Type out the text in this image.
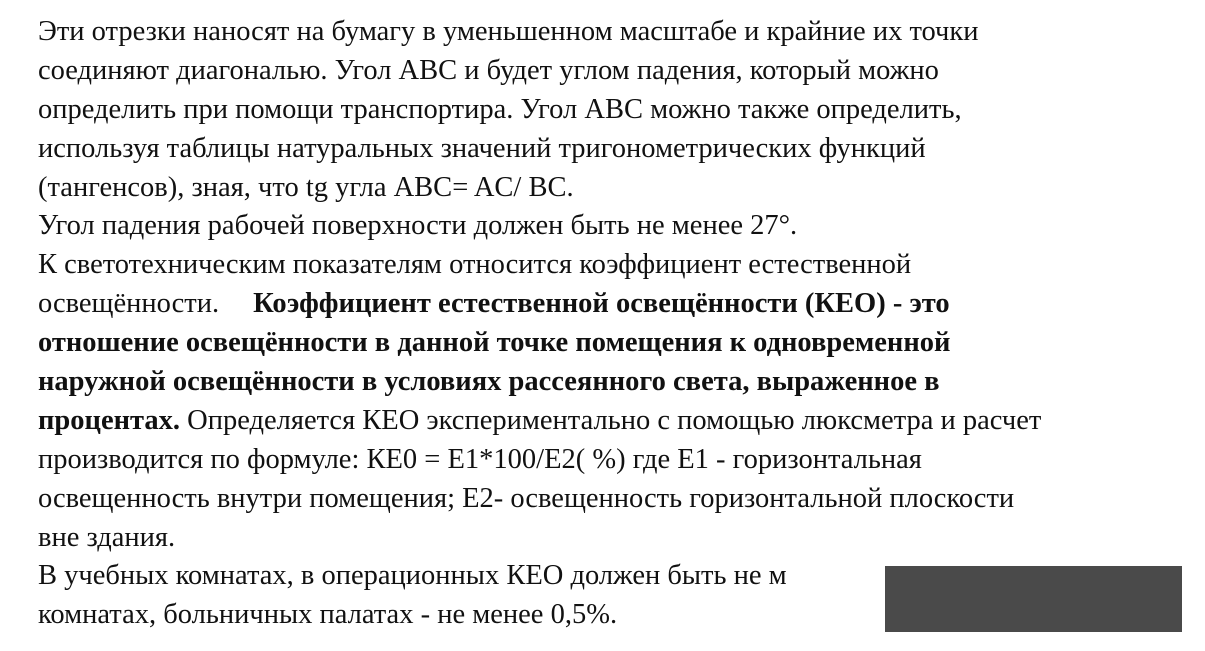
Эти отрезки наносят на бумагу в уменьшенном масштабе и крайние их точки
соединяют диагональю. Угол ABC и будет углом падения, который можно
определить при помощи транспортира. Угол ABC можно также определить,
используя таблицы натуральных значений тригонометрических функций
(тангенсов), зная, что tg угла ABC= AC/ BC.
Угол падения рабочей поверхности должен быть не менее 27°.
К светотехническим показателям относится коэффициент естественной
освещённости. Коэффициент естественной освещённости (КЕО) - это
отношение освещённости в данной точке помещения к одновременной
наружной освещённости в условиях рассеянного света, выраженное в
процентах. Определяется КЕО экспериментально с помощью люксметра и расчет
производится по формуле: КЕ0 = Е1*100/Е2( %) где Е1 - горизонтальная
освещенность внутри помещения; Е2- освещенность горизонтальной плоскости
вне здания.
В учебных комнатах, в операционных КЕО должен быть не м
комнатах, больничных палатах - не менее 0,5%.
